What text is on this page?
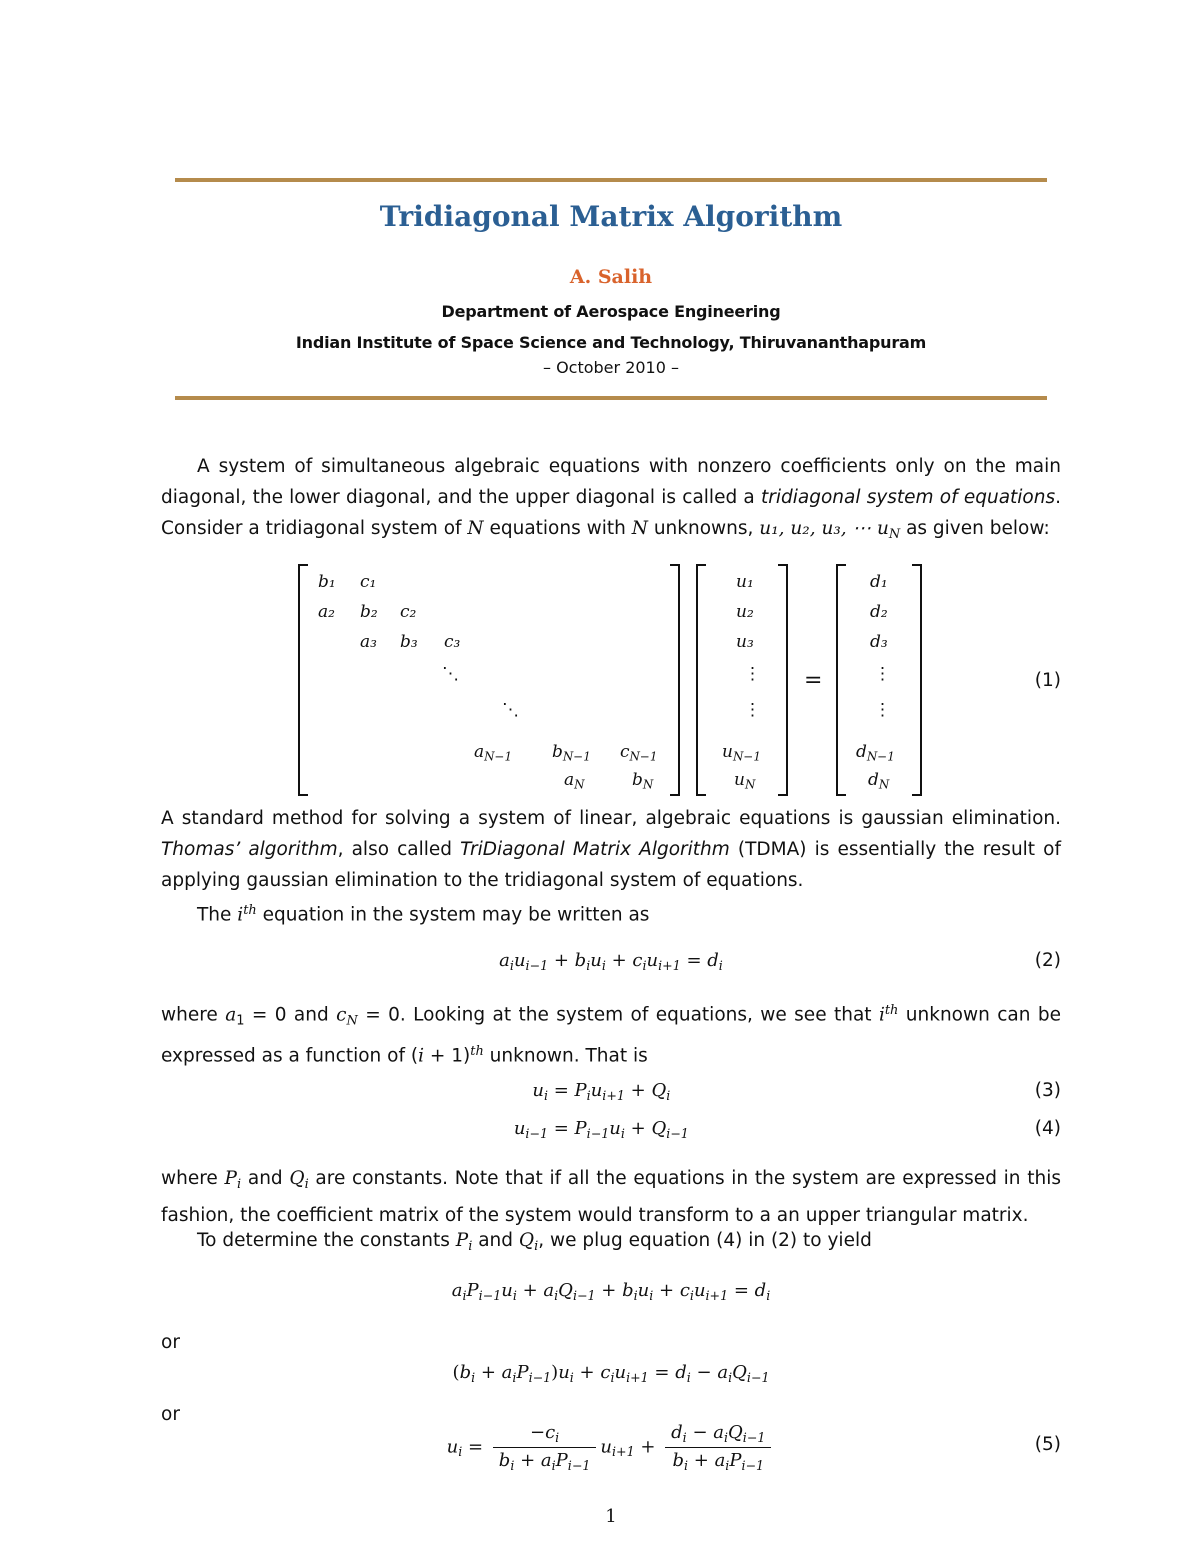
Tridiagonal Matrix Algorithm
A. Salih
Department of Aerospace Engineering
Indian Institute of Space Science and Technology, Thiruvananthapuram
– October 2010 –

A system of simultaneous algebraic equations with nonzero coefficients only on the main diagonal, the lower diagonal, and the upper diagonal is called a tridiagonal system of equations. Consider a tridiagonal system of N equations with N unknowns, u₁, u₂, u₃, ⋯ $u_N$ as given below:

b₁ c₁
a₂ b₂ c₂
a₃ b₃ c₃
⋱
⋱
$a_{N-1}$ $b_{N-1}$ $c_{N-1}$
$a_N$	$b_N$
u₁
u₂
u₃
⋮
⋮
$u_{N-1}$
$u_N$
=
d₁
d₂
d₃
⋮
⋮
$d_{N-1}$
$d_N$
(1)

A standard method for solving a system of linear, algebraic equations is gaussian elimination. Thomas’ algorithm, also called TriDiagonal Matrix Algorithm (TDMA) is essentially the result of applying gaussian elimination to the tridiagonal system of equations.

The $i^{th}$ equation in the system may be written as

$a_iu_{i-1} + b_iu_i + c_iu_{i+1} = d_i$	(2)

where $a_1 = 0$ and $c_N = 0$. Looking at the system of equations, we see that $i^{th}$ unknown can be expressed as a function of $(i + 1)^{th}$ unknown. That is

$u_i = P_iu_{i+1} + Q_i$	(3)
$u_{i-1} = P_{i-1}u_i + Q_{i-1}$	(4)

where $P_i$ and $Q_i$ are constants. Note that if all the equations in the system are expressed in this fashion, the coefficient matrix of the system would transform to a an upper triangular matrix.

To determine the constants $P_i$ and $Q_i$, we plug equation (4) in (2) to yield

$a_iP_{i-1}u_i + a_iQ_{i-1} + b_iu_i + c_iu_{i+1} = d_i$
or
$(b_i + a_iP_{i-1})u_i + c_iu_{i+1} = d_i - a_iQ_{i-1}$
or
$u_i = \frac{-c_i}{b_i + a_iP_{i-1}} u_{i+1} + \frac{d_i - a_iQ_{i-1}}{b_i + a_iP_{i-1}}$	(5)
1
